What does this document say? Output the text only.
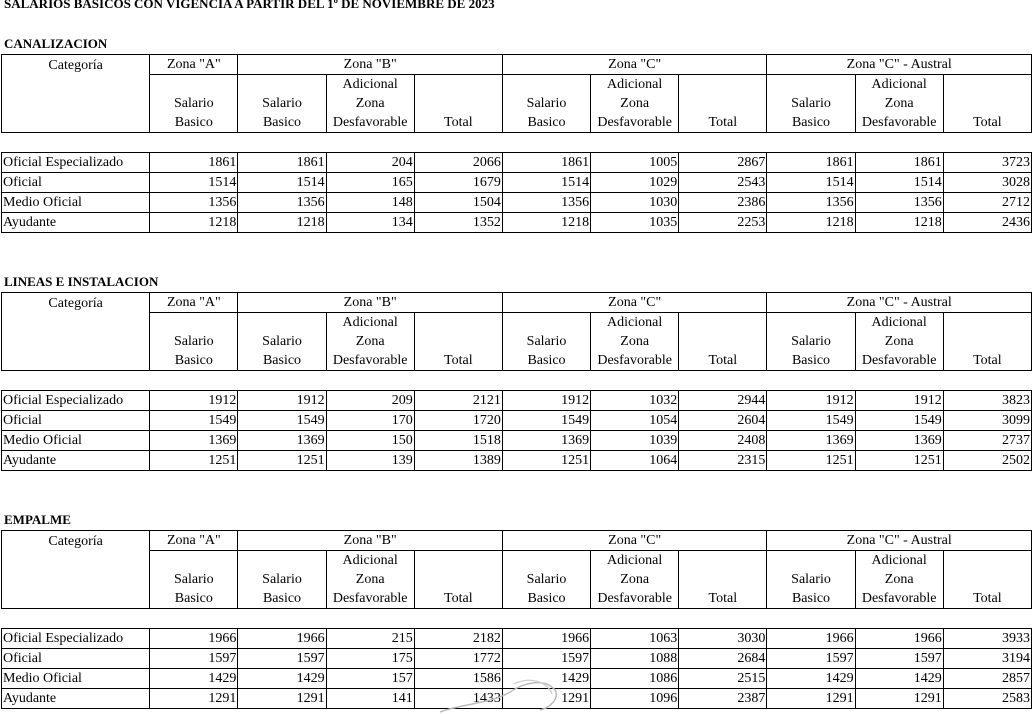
SALARIOS BASICOS CON VIGENCIA A PARTIR DEL 1º DE NOVIEMBRE DE 2023
CANALIZACION
Categoría	Zona "A"	Zona "B"			Zona "C"			Zona "C" - Austral		
			Adicional			Adicional			Adicional	
	Salario	Salario	Zona		Salario	Zona		Salario	Zona	
	Basico	Basico	Desfavorable	Total	Basico	Desfavorable	Total	Basico	Desfavorable	Total

Oficial Especializado	1861	1861	204	2066	1861	1005	2867	1861	1861	3723
Oficial	1514	1514	165	1679	1514	1029	2543	1514	1514	3028
Medio Oficial	1356	1356	148	1504	1356	1030	2386	1356	1356	2712
Ayudante	1218	1218	134	1352	1218	1035	2253	1218	1218	2436
LINEAS E INSTALACION
Categoría	Zona "A"	Zona "B"			Zona "C"			Zona "C" - Austral		
			Adicional			Adicional			Adicional	
	Salario	Salario	Zona		Salario	Zona		Salario	Zona	
	Basico	Basico	Desfavorable	Total	Basico	Desfavorable	Total	Basico	Desfavorable	Total

Oficial Especializado	1912	1912	209	2121	1912	1032	2944	1912	1912	3823
Oficial	1549	1549	170	1720	1549	1054	2604	1549	1549	3099
Medio Oficial	1369	1369	150	1518	1369	1039	2408	1369	1369	2737
Ayudante	1251	1251	139	1389	1251	1064	2315	1251	1251	2502
EMPALME
Categoría	Zona "A"	Zona "B"			Zona "C"			Zona "C" - Austral		
			Adicional			Adicional			Adicional	
	Salario	Salario	Zona		Salario	Zona		Salario	Zona	
	Basico	Basico	Desfavorable	Total	Basico	Desfavorable	Total	Basico	Desfavorable	Total

Oficial Especializado	1966	1966	215	2182	1966	1063	3030	1966	1966	3933
Oficial	1597	1597	175	1772	1597	1088	2684	1597	1597	3194
Medio Oficial	1429	1429	157	1586	1429	1086	2515	1429	1429	2857
Ayudante	1291	1291	141	1433	1291	1096	2387	1291	1291	2583
